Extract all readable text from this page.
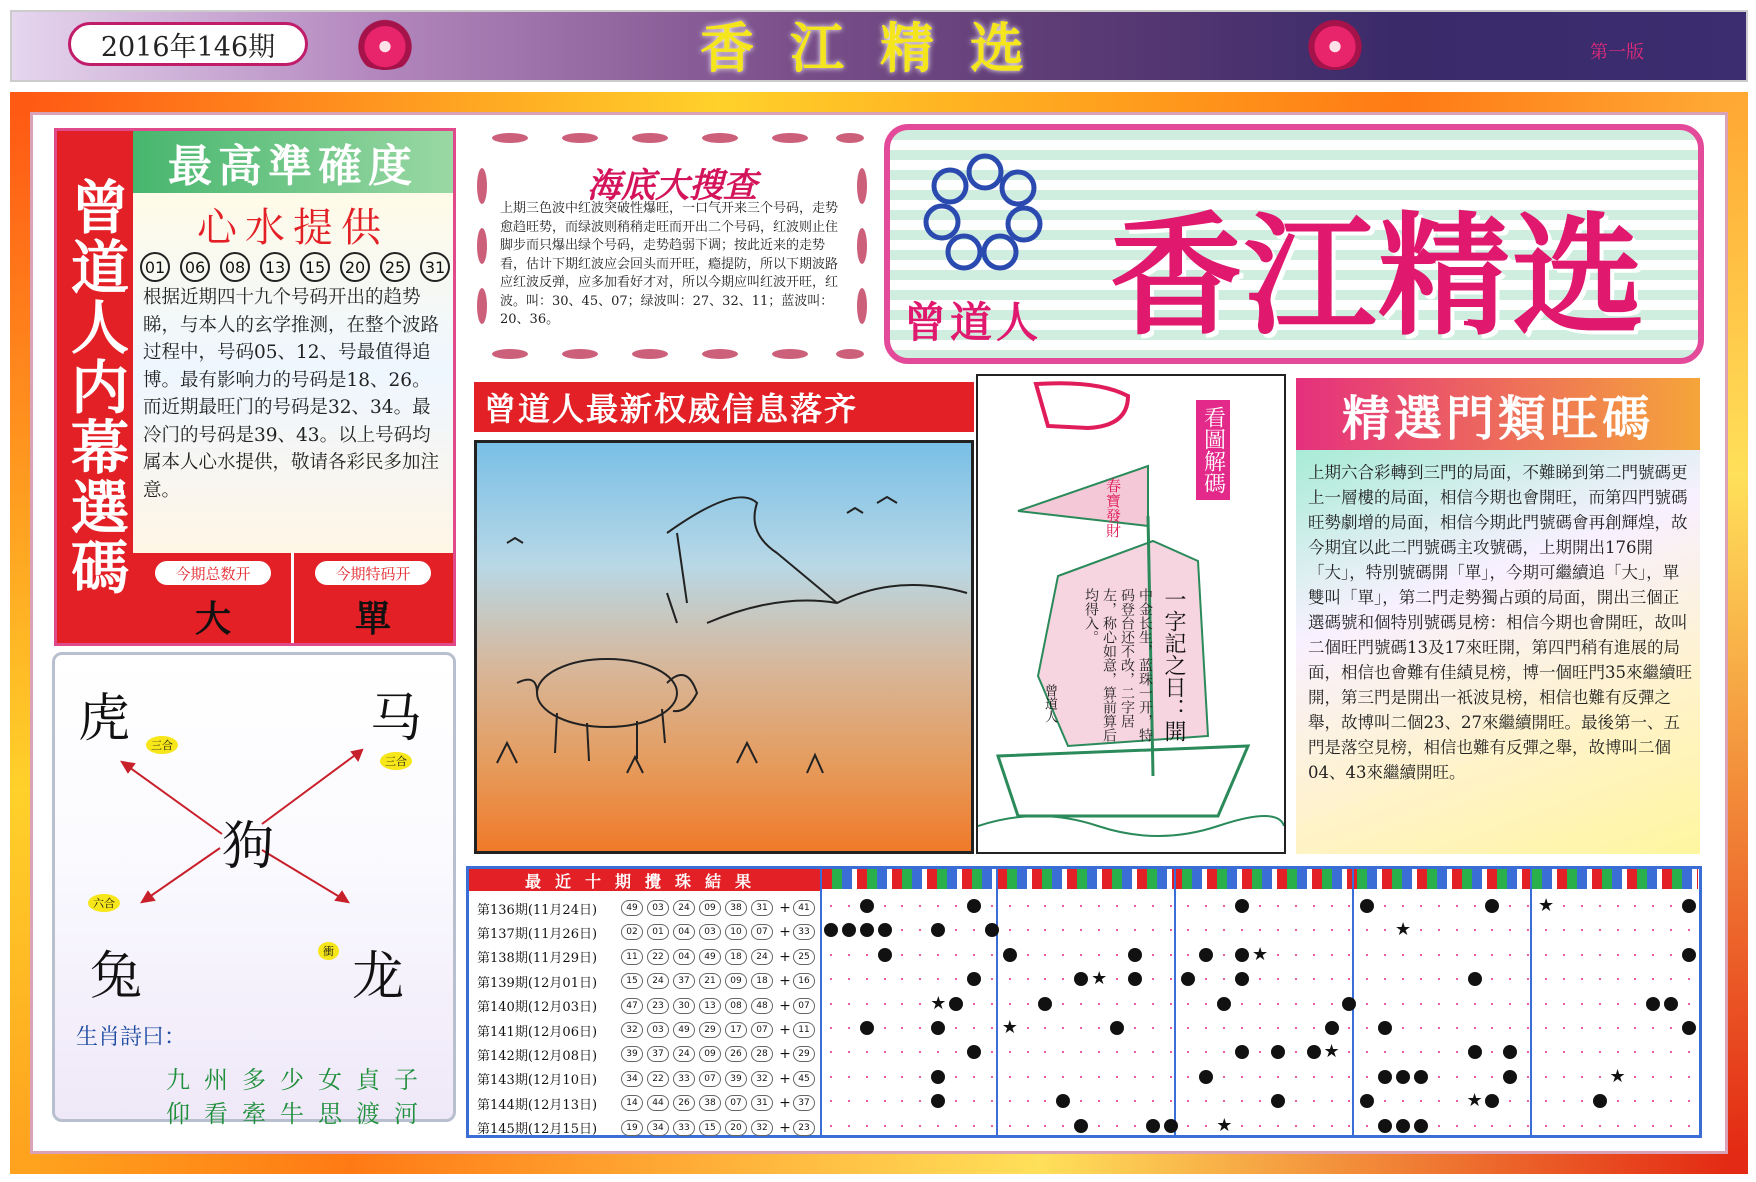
2016年146期	香江精选	第一版
曾道人内幕選碼
最高準確度
心水提供
01	06	08	13	15	20	25	31
根据近期四十九个号码开出的趋势睇，与本人的玄学推测，在整个波路过程中，号码05、12、号最值得追博。最有影响力的号码是18、26。而近期最旺门的号码是32、34。最冷门的号码是39、43。以上号码均属本人心水提供，敬请各彩民多加注意。
今期总数开
大
今期特码开
單
虎	马
狗
兔	龙
三合
三合
六合
衝
生肖詩曰：
九州多少女貞子
仰看牽牛思渡河
海底大搜查
上期三色波中红波突破性爆旺，一口气开来三个号码，走势愈趋旺势，而绿波则稍稍走旺而开出二个号码，红波则止住脚步而只爆出绿个号码，走势趋弱下调；按此近来的走势看，估计下期红波应会回头而开旺，瘾提防，所以下期波路应红波反弹，应多加看好才对，所以今期应叫红波开旺，红波。叫：30、45、07；绿波叫：27、32、11；蓝波叫：20、36。	香江精选
曾道人
曾道人最新权威信息落齐
春寶發財
一字記之日：開
中金长生，蓝珠一开，特码登台还不改，二字居左，称心如意，算前算后均得入。
曾道人
看圖解碼	精選門類旺碼
上期六合彩轉到三門的局面，不難睇到第二門號碼更上一層樓的局面，相信今期也會開旺，而第四門號碼旺勢劇增的局面，相信今期此門號碼會再創輝煌，故今期宜以此二門號碼主攻號碼，上期開出176開「大」，特別號碼開「單」，今期可繼續追「大」，單雙叫「單」，第二門走勢獨占頭的局面，開出三個正選碼號和個特別號碼見榜：相信今期也會開旺，故叫二個旺門號碼13及17來旺開，第四門稍有進展的局面，相信也會難有佳績見榜，博一個旺門35來繼續旺開，第三門是開出一祇波見榜，相信也難有反彈之舉，故博叫二個23、27來繼續開旺。最後第一、五門是落空見榜，相信也難有反彈之舉，故博叫二個04、43來繼續開旺。
最近十期攪珠結果
第136期(11月24日)	49	03	24	09	38	31 + 41
第137期(11月26日)	02	01	04	03	10	07 + 33
第138期(11月29日)	11	22	04	49	18	24 + 25
第139期(12月01日)	15	24	37	21	09	18 + 16
第140期(12月03日)	47	23	30	13	08	48 + 07
第141期(12月06日)	32	03	49	29	17	07 + 11
第142期(12月08日)	39	37	24	09	26	28 + 29
第143期(12月10日)	34	22	33	07	39	32 + 45
第144期(12月13日)	14	44	26	38	07	31 + 37
第145期(12月15日)	19	34	33	15	20	32 + 23
★
★
★
★
★
★
★
★
★
★
